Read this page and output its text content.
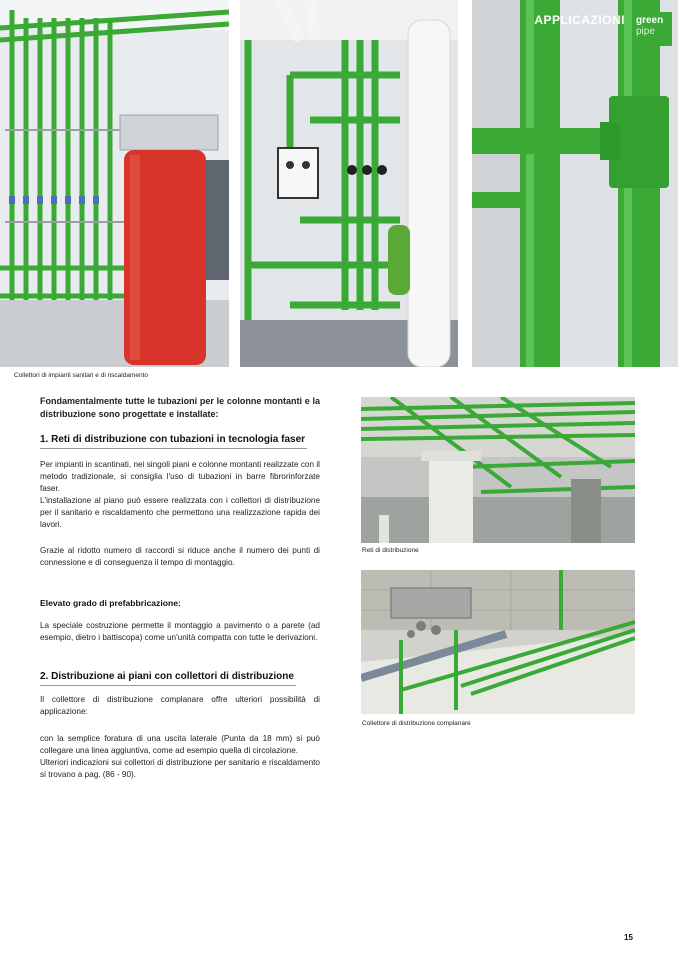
APPLICAZIONI green
pipe
Collettori di impianti sanitari e di riscaldamento
Fondamentalmente tutte le tubazioni per le colonne montanti e la distribuzione sono progettate e installate:
1. Reti di distribuzione con tubazioni in tecnologia faser
Per impianti in scantinati, nei singoli piani e colonne montanti realizzate con il metodo tradizionale, si consiglia l'uso di tubazioni in barre fibrorinforzate faser.
L'installazione al piano può essere realizzata con i collettori di distribuzione per il sanitario e riscaldamento che permettono una realizzazione rapida dei lavori.
Grazie al ridotto numero di raccordi si riduce anche il numero dei punti di connessione e di conseguenza il tempo di montaggio.
Elevato grado di prefabbricazione:
La speciale costruzione permette il montaggio a pavimento o a parete (ad esempio, dietro i battiscopa) come un'unità compatta con tutte le derivazioni.
2. Distribuzione ai piani con collettori di distribuzione
Il collettore di distribuzione complanare offre ulteriori possibilità di applicazione:
con la semplice foratura di una uscita laterale (Punta da 18 mm) si può collegare una linea aggiuntiva, come ad esempio quella di circolazione.
Ulteriori indicazioni sui collettori di distribuzione per sanitario e riscaldamento si trovano a pag. (86 - 90).
Reti di distribuzione
Collettore di distribuzione complanare
15
